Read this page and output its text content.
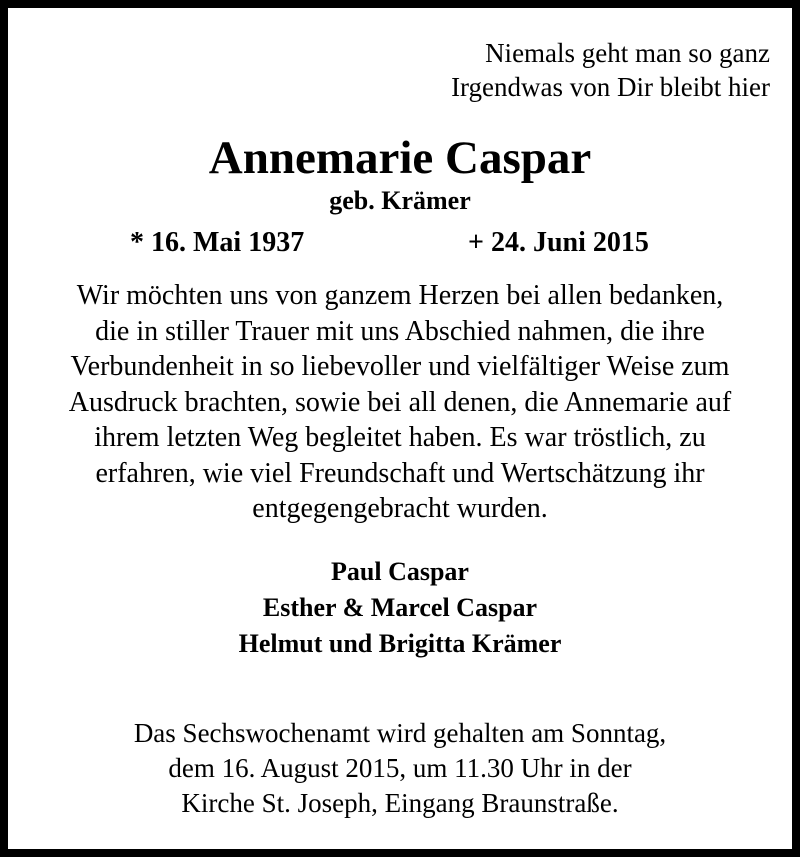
Niemals geht man so ganz
Irgendwas von Dir bleibt hier
Annemarie Caspar
geb. Krämer
* 16. Mai 1937	+ 24. Juni 2015
Wir möchten uns von ganzem Herzen bei allen bedanken,
die in stiller Trauer mit uns Abschied nahmen, die ihre
Verbundenheit in so liebevoller und vielfältiger Weise zum
Ausdruck brachten, sowie bei all denen, die Annemarie auf
ihrem letzten Weg begleitet haben. Es war tröstlich, zu
erfahren, wie viel Freundschaft und Wertschätzung ihr
entgegengebracht wurden.
Paul Caspar
Esther & Marcel Caspar
Helmut und Brigitta Krämer
Das Sechswochenamt wird gehalten am Sonntag,
dem 16. August 2015, um 11.30 Uhr in der
Kirche St. Joseph, Eingang Braunstraße.
